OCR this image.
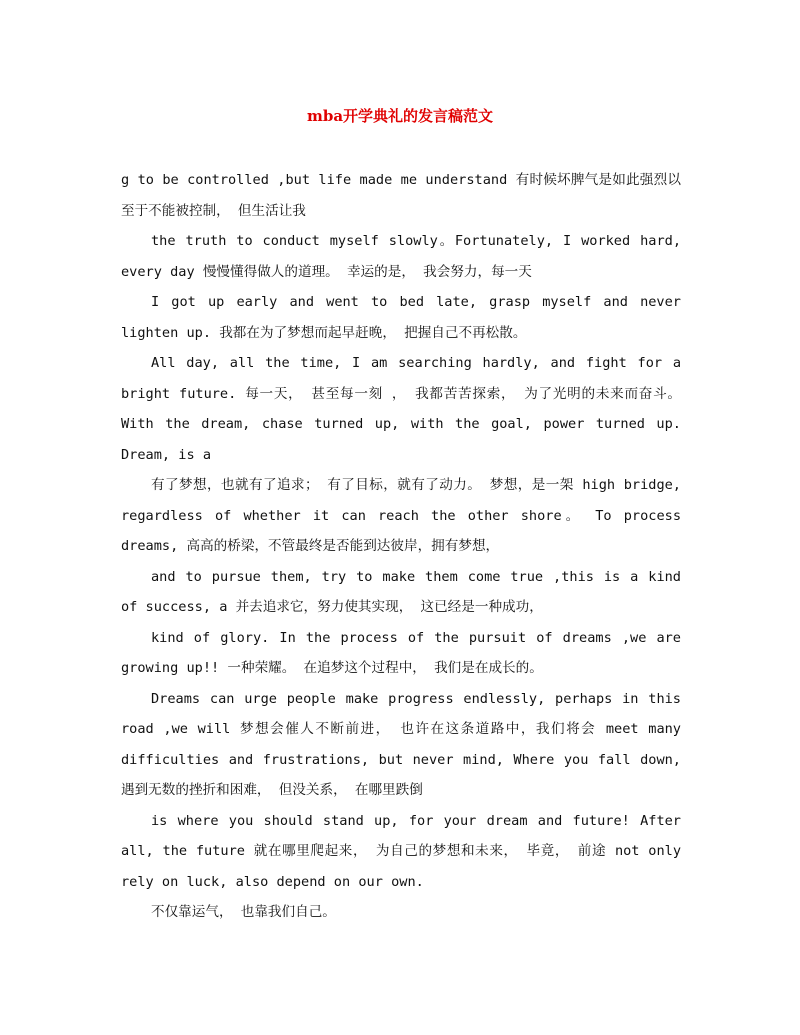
mba开学典礼的发言稿范文

g to be controlled ,but life made me understand 有时候坏脾气是如此强烈以至于不能被控制， 但生活让我

the truth to conduct myself slowly。Fortunately, I worked hard, every day 慢慢懂得做人的道理。 幸运的是， 我会努力，每一天

I got up early and went to bed late, grasp myself and never lighten up. 我都在为了梦想而起早赶晚， 把握自己不再松散。

All day, all the time, I am searching hardly, and fight for a bright future. 每一天， 甚至每一刻 ， 我都苦苦探索， 为了光明的未来而奋斗。 With the dream, chase turned up, with the goal, power turned up. Dream, is a

有了梦想，也就有了追求； 有了目标，就有了动力。 梦想，是一架 high bridge, regardless of whether it can reach the other shore。 To process dreams, 高高的桥梁，不管最终是否能到达彼岸，拥有梦想，

and to pursue them, try to make them come true ,this is a kind of success, a 并去追求它，努力使其实现， 这已经是一种成功，

kind of glory. In the process of the pursuit of dreams ,we are growing up!! 一种荣耀。 在追梦这个过程中， 我们是在成长的。

Dreams can urge people make progress endlessly, perhaps in this road ,we will 梦想会催人不断前进， 也许在这条道路中，我们将会 meet many difficulties and frustrations, but never mind, Where you fall down, 遇到无数的挫折和困难， 但没关系， 在哪里跌倒

is where you should stand up, for your dream and future! After all, the future 就在哪里爬起来， 为自己的梦想和未来， 毕竟， 前途 not only rely on luck, also depend on our own.

不仅靠运气， 也靠我们自己。
